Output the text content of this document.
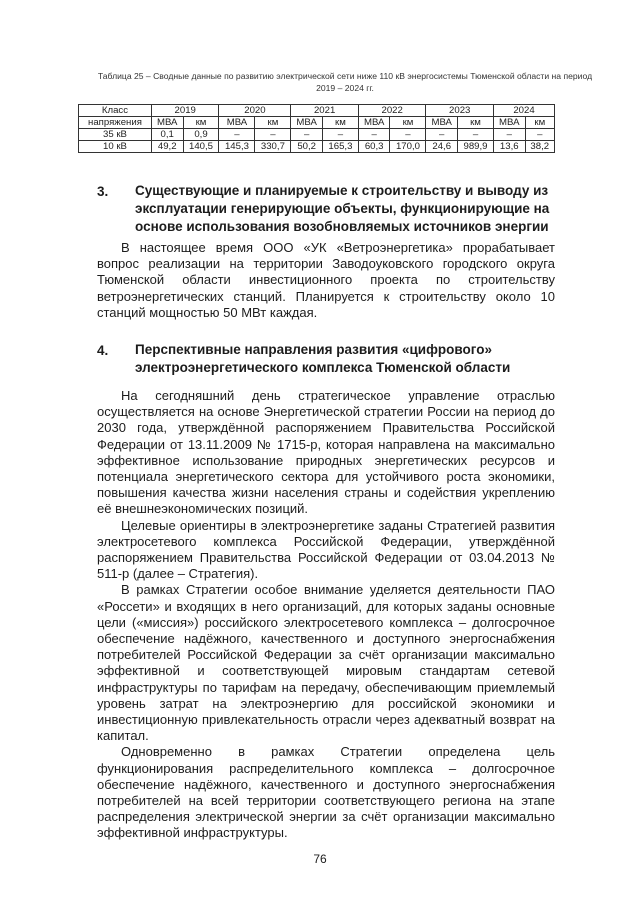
Таблица 25 – Сводные данные по развитию электрической сети ниже 110 кВ энергосистемы Тюменской области на период 2019 – 2024 гг.
Класс	2019		2020		2021		2022		2023		2024	
напряжения	МВА	км	МВА	км	МВА	км	МВА	км	МВА	км	МВА	км
35 кВ	0,1	0,9	–	–	–	–	–	–	–	–	–	–
10 кВ	49,2	140,5	145,3	330,7	50,2	165,3	60,3	170,0	24,6	989,9	13,6	38,2
3. Существующие и планируемые к строительству и выводу из эксплуатации генерирующие объекты, функционирующие на основе использования возобновляемых источников энергии

В настоящее время ООО «УК «Ветроэнергетика» прорабатывает вопрос реализации на территории Заводоуковского городского округа Тюменской области инвестиционного проекта по строительству ветроэнергетических станций. Планируется к строительству около 10 станций мощностью 50 МВт каждая.

4. Перспективные направления развития «цифрового» электроэнергетического комплекса Тюменской области

На сегодняшний день стратегическое управление отраслью осуществляется на основе Энергетической стратегии России на период до 2030 года, утверждённой распоряжением Правительства Российской Федерации от 13.11.2009 № 1715-р, которая направлена на максимально эффективное использование природных энергетических ресурсов и потенциала энергетического сектора для устойчивого роста экономики, повышения качества жизни населения страны и содействия укреплению её внешнеэкономических позиций.

Целевые ориентиры в электроэнергетике заданы Стратегией развития электросетевого комплекса Российской Федерации, утверждённой распоряжением Правительства Российской Федерации от 03.04.2013 № 511-р (далее – Стратегия).

В рамках Стратегии особое внимание уделяется деятельности ПАО «Россети» и входящих в него организаций, для которых заданы основные цели («миссия») российского электросетевого комплекса – долгосрочное обеспечение надёжного, качественного и доступного энергоснабжения потребителей Российской Федерации за счёт организации максимально эффективной и соответствующей мировым стандартам сетевой инфраструктуры по тарифам на передачу, обеспечивающим приемлемый уровень затрат на электроэнергию для российской экономики и инвестиционную привлекательность отрасли через адекватный возврат на капитал.

Одновременно в рамках Стратегии определена цель функционирования распределительного комплекса – долгосрочное обеспечение надёжного, качественного и доступного энергоснабжения потребителей на всей территории соответствующего региона на этапе распределения электрической энергии за счёт организации максимально эффективной инфраструктуры.

76
